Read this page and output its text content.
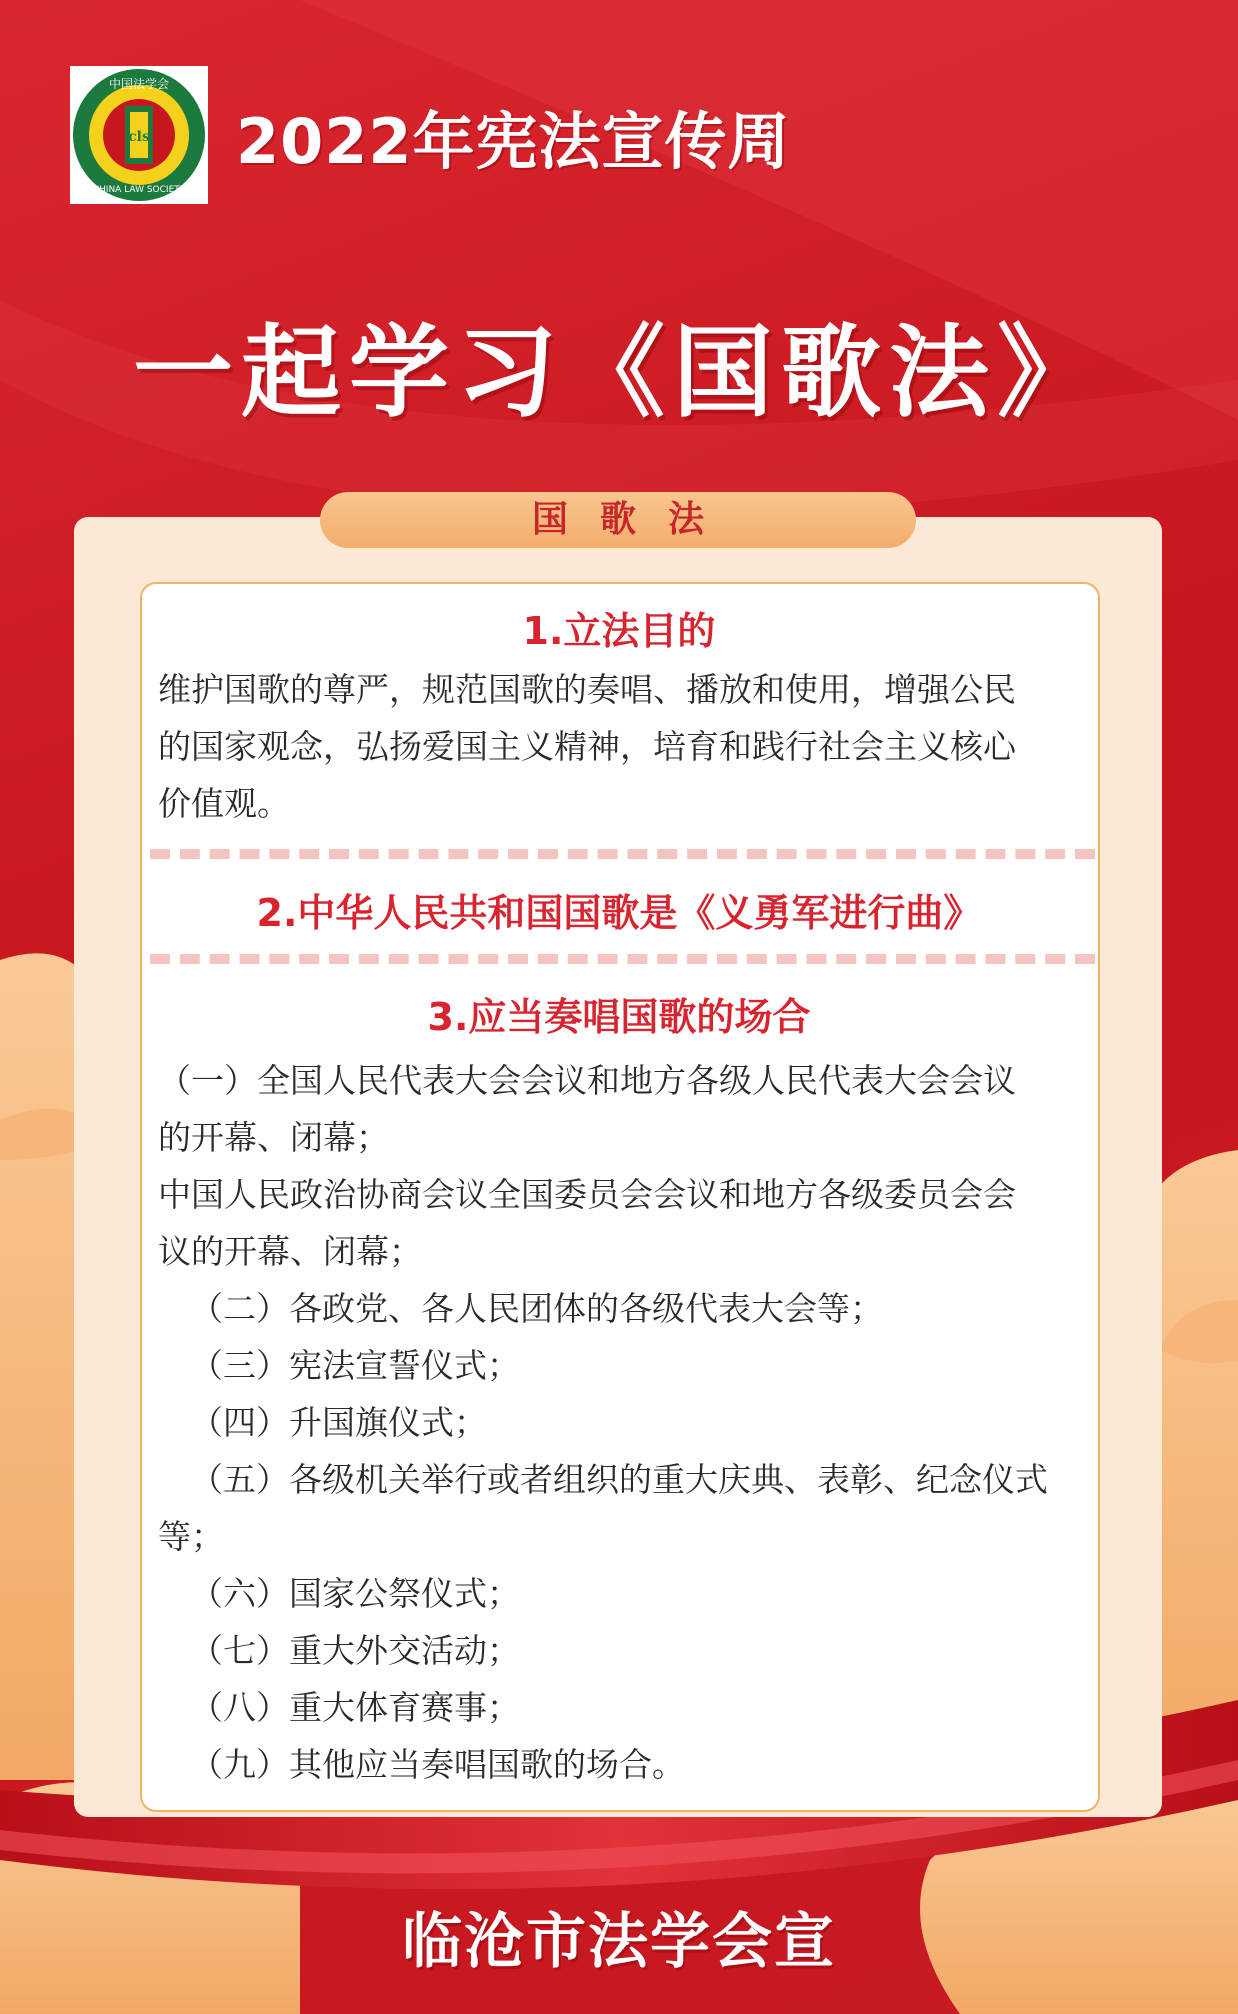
cls
中国法学会
CHINA LAW SOCIETY
2022年宪法宣传周
一起学习《国歌法》
国歌法
1.立法目的
维护国歌的尊严，规范国歌的奏唱、播放和使用，增强公民
的国家观念，弘扬爱国主义精神，培育和践行社会主义核心
价值观。
2.中华人民共和国国歌是《义勇军进行曲》
3.应当奏唱国歌的场合
（一）全国人民代表大会会议和地方各级人民代表大会会议
的开幕、闭幕；
中国人民政治协商会议全国委员会会议和地方各级委员会会
议的开幕、闭幕；
（二）各政党、各人民团体的各级代表大会等；
（三）宪法宣誓仪式；
（四）升国旗仪式；
（五）各级机关举行或者组织的重大庆典、表彰、纪念仪式
等；
（六）国家公祭仪式；
（七）重大外交活动；
（八）重大体育赛事；
（九）其他应当奏唱国歌的场合。
临沧市法学会宣
